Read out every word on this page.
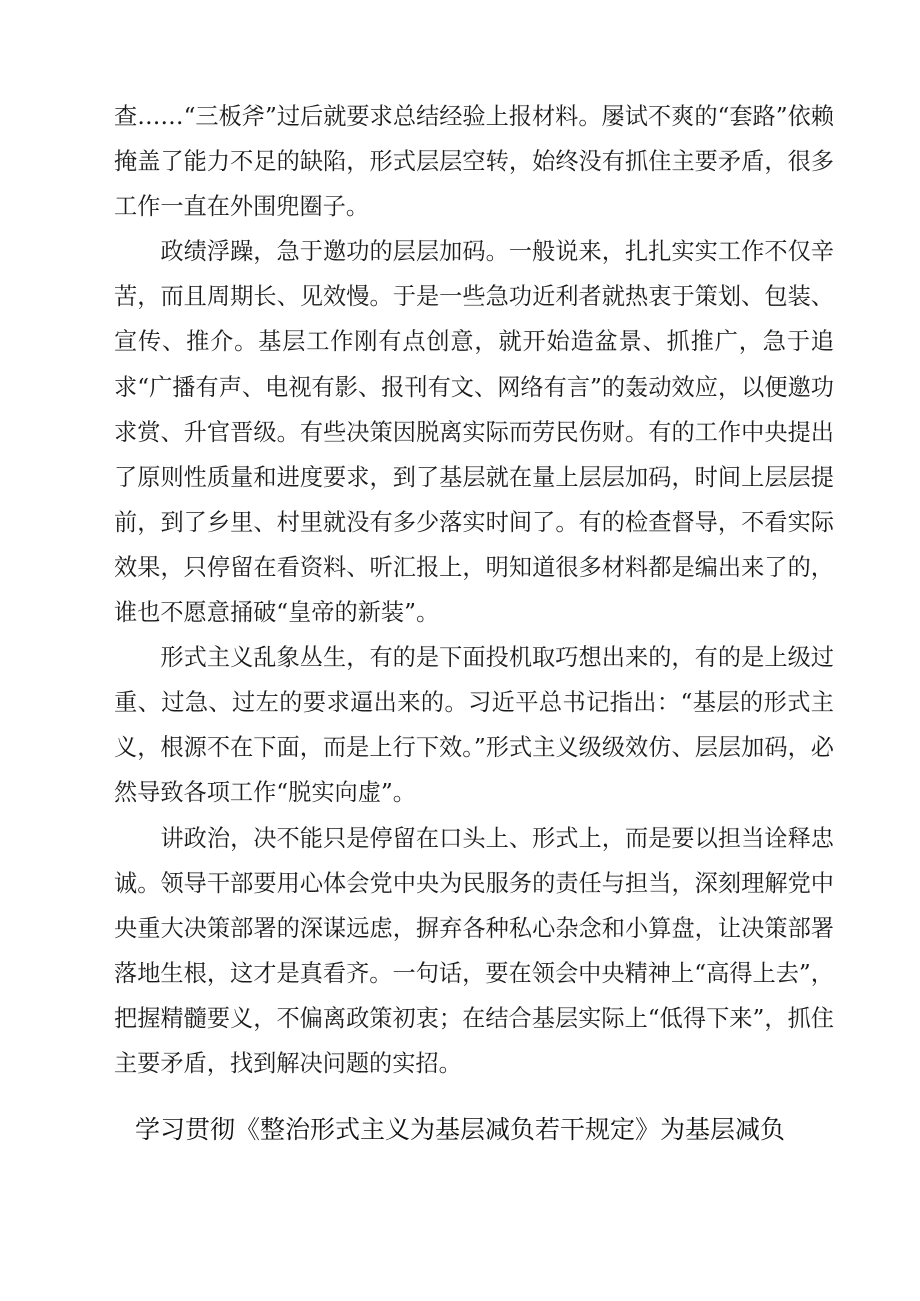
查……“三板斧”过后就要求总结经验上报材料。屡试不爽的“套路”依赖掩盖了能力不足的缺陷，形式层层空转，始终没有抓住主要矛盾，很多工作一直在外围兜圈子。

政绩浮躁，急于邀功的层层加码。一般说来，扎扎实实工作不仅辛苦，而且周期长、见效慢。于是一些急功近利者就热衷于策划、包装、宣传、推介。基层工作刚有点创意，就开始造盆景、抓推广，急于追求“广播有声、电视有影、报刊有文、网络有言”的轰动效应，以便邀功求赏、升官晋级。有些决策因脱离实际而劳民伤财。有的工作中央提出了原则性质量和进度要求，到了基层就在量上层层加码，时间上层层提前，到了乡里、村里就没有多少落实时间了。有的检查督导，不看实际效果，只停留在看资料、听汇报上，明知道很多材料都是编出来了的，谁也不愿意捅破“皇帝的新装”。

形式主义乱象丛生，有的是下面投机取巧想出来的，有的是上级过重、过急、过左的要求逼出来的。习近平总书记指出：“基层的形式主义，根源不在下面，而是上行下效。”形式主义级级效仿、层层加码，必然导致各项工作“脱实向虚”。

讲政治，决不能只是停留在口头上、形式上，而是要以担当诠释忠诚。领导干部要用心体会党中央为民服务的责任与担当，深刻理解党中央重大决策部署的深谋远虑，摒弃各种私心杂念和小算盘，让决策部署落地生根，这才是真看齐。一句话，要在领会中央精神上“高得上去”，把握精髓要义，不偏离政策初衷；在结合基层实际上“低得下来”，抓住主要矛盾，找到解决问题的实招。

学习贯彻《整治形式主义为基层减负若干规定》为基层减负
